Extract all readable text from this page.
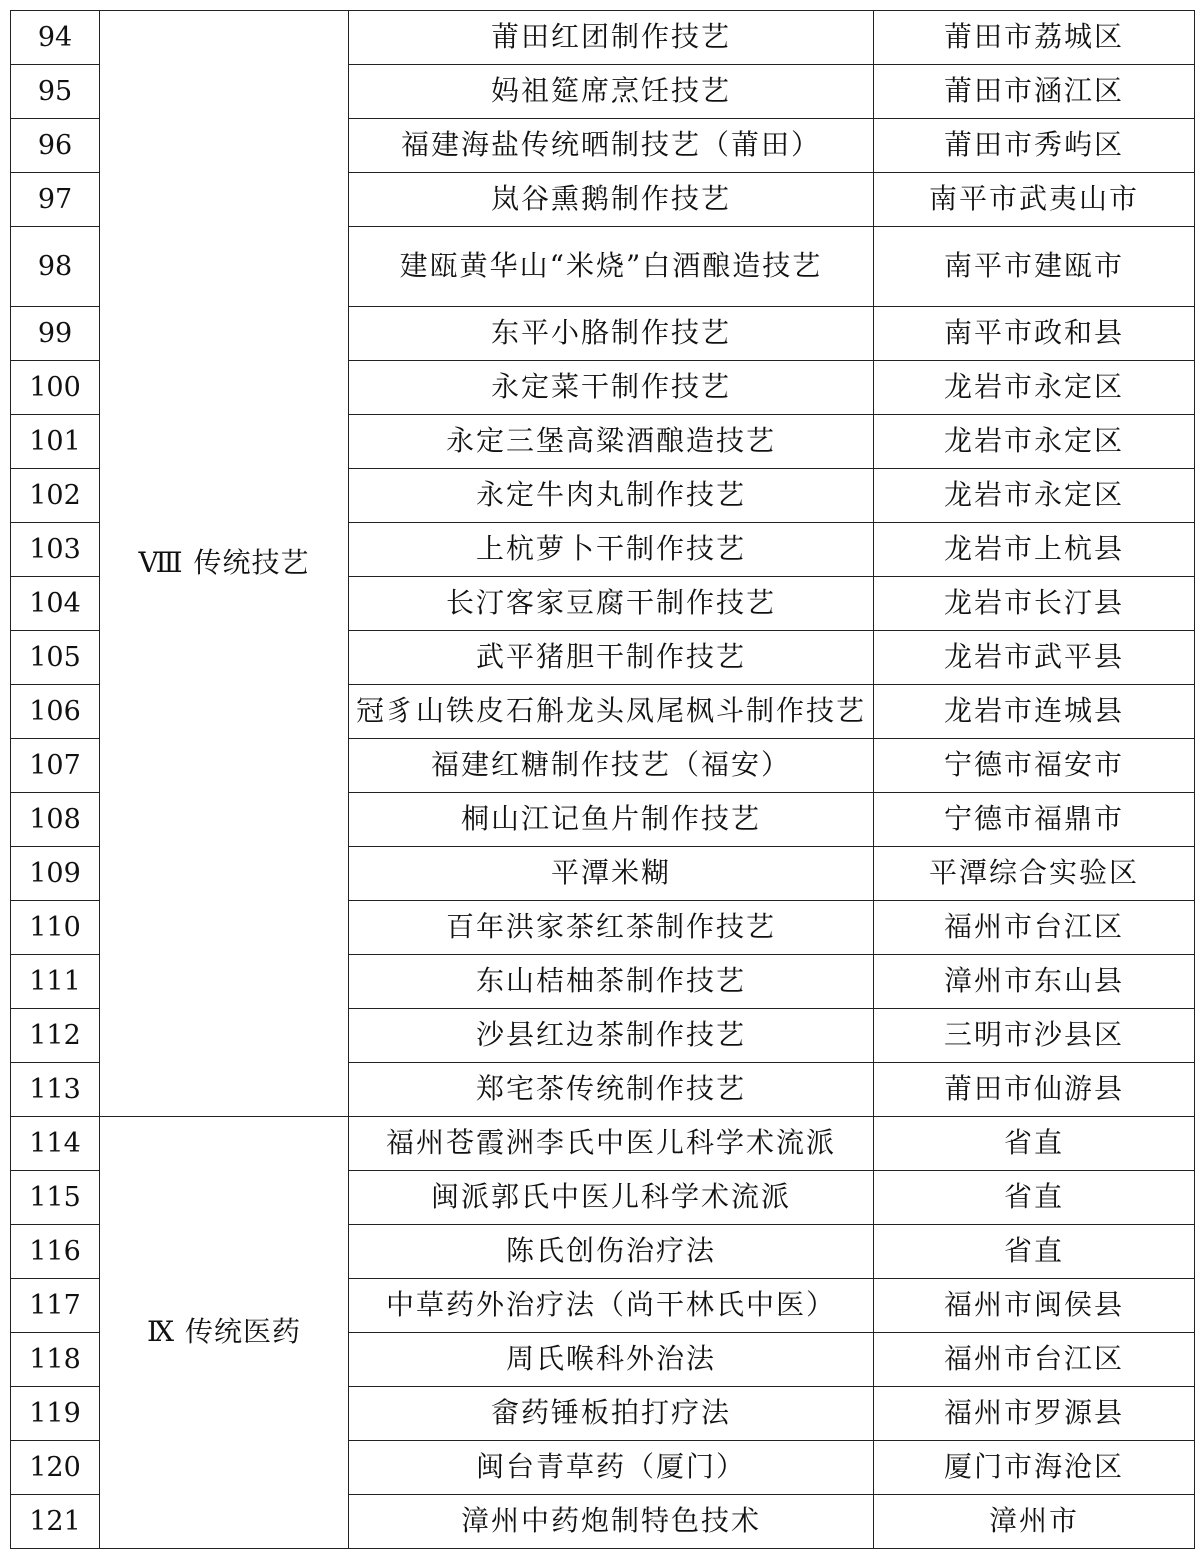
94	Ⅷ 传统技艺	莆田红团制作技艺	莆田市荔城区
95		妈祖筵席烹饪技艺	莆田市涵江区
96		福建海盐传统晒制技艺（莆田）	莆田市秀屿区
97		岚谷熏鹅制作技艺	南平市武夷山市
98		建瓯黄华山“米烧”白酒酿造技艺	南平市建瓯市
99		东平小胳制作技艺	南平市政和县
100		永定菜干制作技艺	龙岩市永定区
101		永定三堡高粱酒酿造技艺	龙岩市永定区
102		永定牛肉丸制作技艺	龙岩市永定区
103		上杭萝卜干制作技艺	龙岩市上杭县
104		长汀客家豆腐干制作技艺	龙岩市长汀县
105		武平猪胆干制作技艺	龙岩市武平县
106		冠豸山铁皮石斛龙头凤尾枫斗制作技艺	龙岩市连城县
107		福建红糖制作技艺（福安）	宁德市福安市
108		桐山江记鱼片制作技艺	宁德市福鼎市
109		平潭米糊	平潭综合实验区
110		百年洪家茶红茶制作技艺	福州市台江区
111		东山桔柚茶制作技艺	漳州市东山县
112		沙县红边茶制作技艺	三明市沙县区
113		郑宅茶传统制作技艺	莆田市仙游县
114	Ⅸ 传统医药	福州苍霞洲李氏中医儿科学术流派	省直
115		闽派郭氏中医儿科学术流派	省直
116		陈氏创伤治疗法	省直
117		中草药外治疗法（尚干林氏中医）	福州市闽侯县
118		周氏喉科外治法	福州市台江区
119		畲药锤板拍打疗法	福州市罗源县
120		闽台青草药（厦门）	厦门市海沧区
121		漳州中药炮制特色技术	漳州市
